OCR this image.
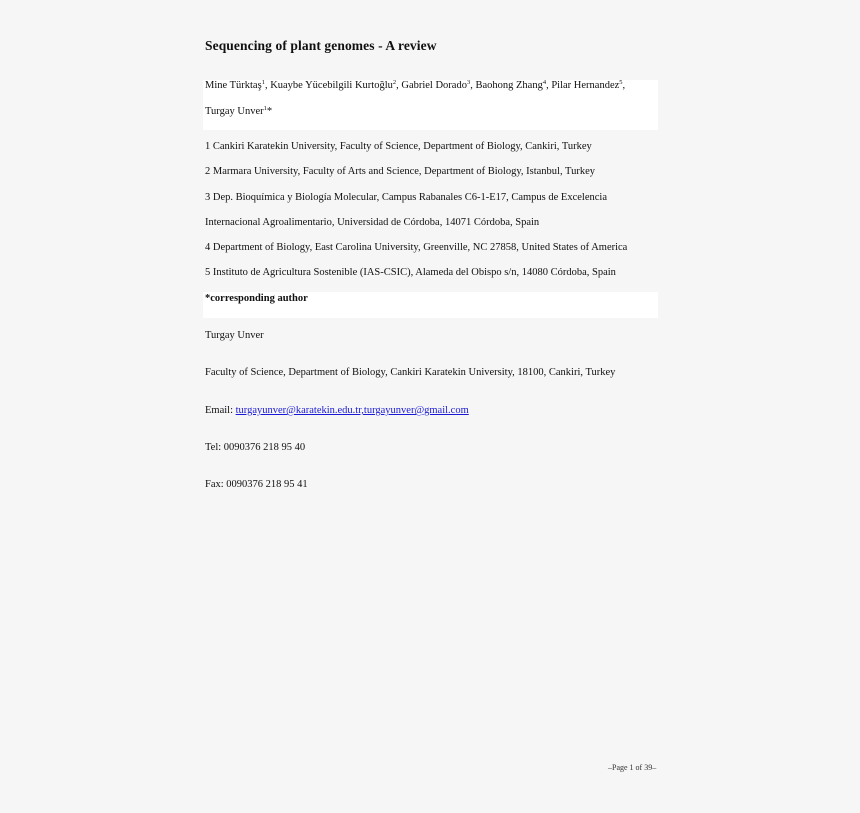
Sequencing of plant genomes - A review
Mine Türktaş$^1$, Kuaybe Yücebilgili Kurtoğlu$^2$, Gabriel Dorado$^3$, Baohong Zhang$^4$, Pilar Hernandez$^5$,
Turgay Unver$^1$*
1 Cankiri Karatekin University, Faculty of Science, Department of Biology, Cankiri, Turkey
2 Marmara University, Faculty of Arts and Science, Department of Biology, Istanbul, Turkey
3 Dep. Bioquímica y Biología Molecular, Campus Rabanales C6-1-E17, Campus de Excelencia
Internacional Agroalimentario, Universidad de Córdoba, 14071 Córdoba, Spain
4 Department of Biology, East Carolina University, Greenville, NC 27858, United States of America
5 Instituto de Agricultura Sostenible (IAS-CSIC), Alameda del Obispo s/n, 14080 Córdoba, Spain
*corresponding author
Turgay Unver
Faculty of Science, Department of Biology, Cankiri Karatekin University, 18100, Cankiri, Turkey
Email: turgayunver@karatekin.edu.tr,turgayunver@gmail.com
Tel: 0090376 218 95 40
Fax: 0090376 218 95 41
–Page 1 of 39–
